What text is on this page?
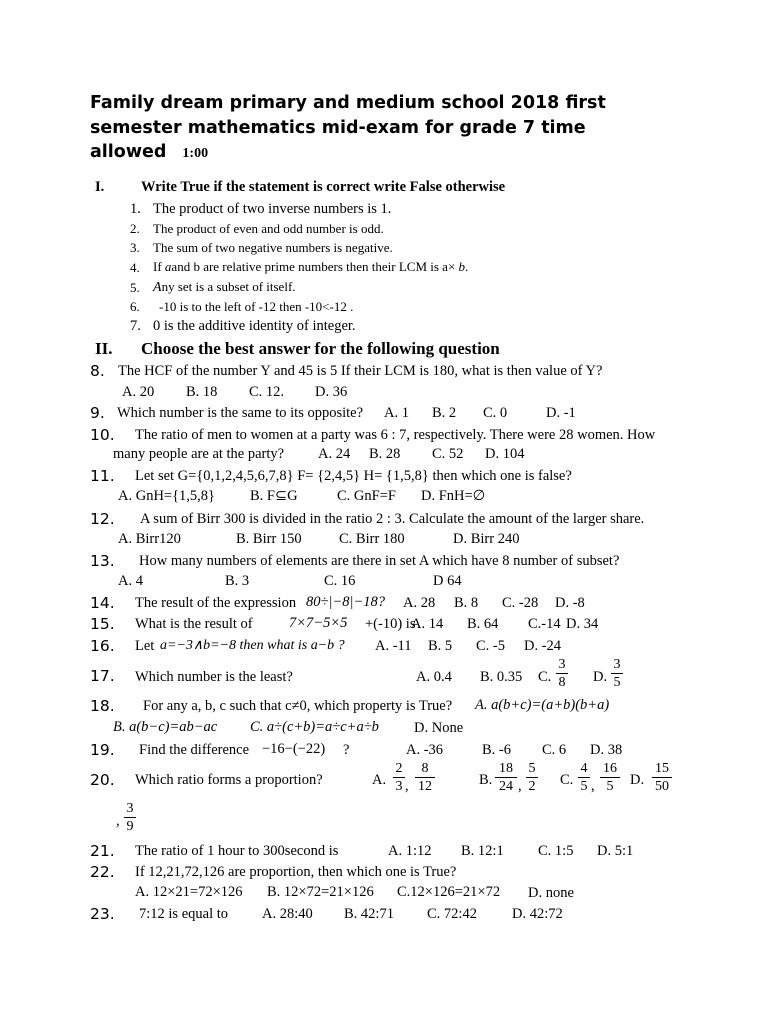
Family dream primary and medium school 2018 first semester mathematics mid-exam for grade 7 time allowed 1:00
I.	Write True if the statement is correct write False otherwise
1. The product of two inverse numbers is 1.
2. The product of even and odd number is odd.
3. The sum of two negative numbers is negative.
4. If aand b are relative prime numbers then their LCM is a× b.
5. Any set is a subset of itself.
6. -10 is to the left of -12 then -10<-12 .
7. 0 is the additive identity of integer.
II. Choose the best answer for the following question
8. The HCF of the number Y and 45 is 5 If their LCM is 180, what is then value of Y?
A. 20 B. 18 C. 12. D. 36
9. Which number is the same to its opposite? A. 1 B. 2 C. 0	D. -1
10. The ratio of men to women at a party was 6 : 7, respectively. There were 28 women. How
many people are at the party? A. 24 B. 28 C. 52 D. 104
11. Let set G={0,1,2,4,5,6,7,8} F= {2,4,5} H= {1,5,8} then which one is false?
A. GnH={1,5,8} B. F⊆G	C. GnF=F D. FnH=∅
12. A sum of Birr 300 is divided in the ratio 2 : 3. Calculate the amount of the larger share.
A. Birr120	B. Birr 150	C. Birr 180	D. Birr 240
13. How many numbers of elements are there in set A which have 8 number of subset?
A. 4	B. 3	C. 16	D 64
14. The result of the expression 80÷|−8|−18? A. 28 B. 8 C. -28 D. -8
15. What is the result of	7×7−5×5 +(-10) is
A. 14 B. 64 C.-14 D. 34
16. Let a=−3∧b=−8 then what is a−b ? A. -11 B. 5 C. -5 D. -24
17. Which number is the least?	A. 0.4 B. 0.35 C.
3
8 D.
3
5
18. For any a, b, c such that c≠0, which property is True? A. a(b+c)=(a+b)(b+a)
B. a(b−c)=ab−ac C. a÷(c+b)=a÷c+a÷b D. None
19. Find the difference −16−(−22) ?	A. -36	B. -6 C. 6 D. 38
20. Which ratio forms a proportion?	A.
2
3 ,
8
12	B.
18
24 ,
5
2 C.
4
5 ,
16
5	D.
15
50
,
3
9
21. The ratio of 1 hour to 300second is	A. 1:12 B. 12:1 C. 1:5 D. 5:1
22. If 12,21,72,126 are proportion, then which one is True?
A. 12×21=72×126 B. 12×72=21×126 C.12×126=21×72 D. none
23. 7:12 is equal to A. 28:40 B. 42:71 C. 72:42 D. 42:72
